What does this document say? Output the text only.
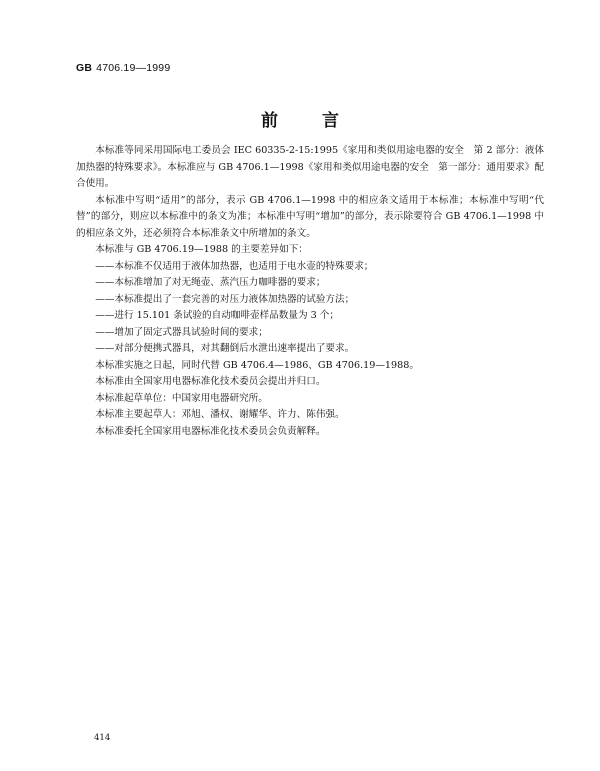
GB 4706.19—1999
前言

本标准等同采用国际电工委员会 IEC 60335-2-15:1995《家用和类似用途电器的安全　第 2 部分：液体加热器的特殊要求》。本标准应与 GB 4706.1—1998《家用和类似用途电器的安全　第一部分：通用要求》配合使用。

本标准中写明“适用”的部分，表示 GB 4706.1—1998 中的相应条文适用于本标准；本标准中写明“代替”的部分，则应以本标准中的条文为准；本标准中写明“增加”的部分，表示除要符合 GB 4706.1—1998 中的相应条文外，还必须符合本标准条文中所增加的条文。

本标准与 GB 4706.19—1988 的主要差异如下：

——本标准不仅适用于液体加热器，也适用于电水壶的特殊要求；

——本标准增加了对无绳壶、蒸汽压力咖啡器的要求；

——本标准提出了一套完善的对压力液体加热器的试验方法；

——进行 15.101 条试验的自动咖啡壶样品数量为 3 个；

——增加了固定式器具试验时间的要求；

——对部分便携式器具，对其翻倒后水泄出速率提出了要求。

本标准实施之日起，同时代替 GB 4706.4—1986、GB 4706.19—1988。

本标准由全国家用电器标准化技术委员会提出并归口。

本标准起草单位：中国家用电器研究所。

本标准主要起草人：邓旭、潘权、谢耀华、许力、陈伟强。

本标准委托全国家用电器标准化技术委员会负责解释。

414
